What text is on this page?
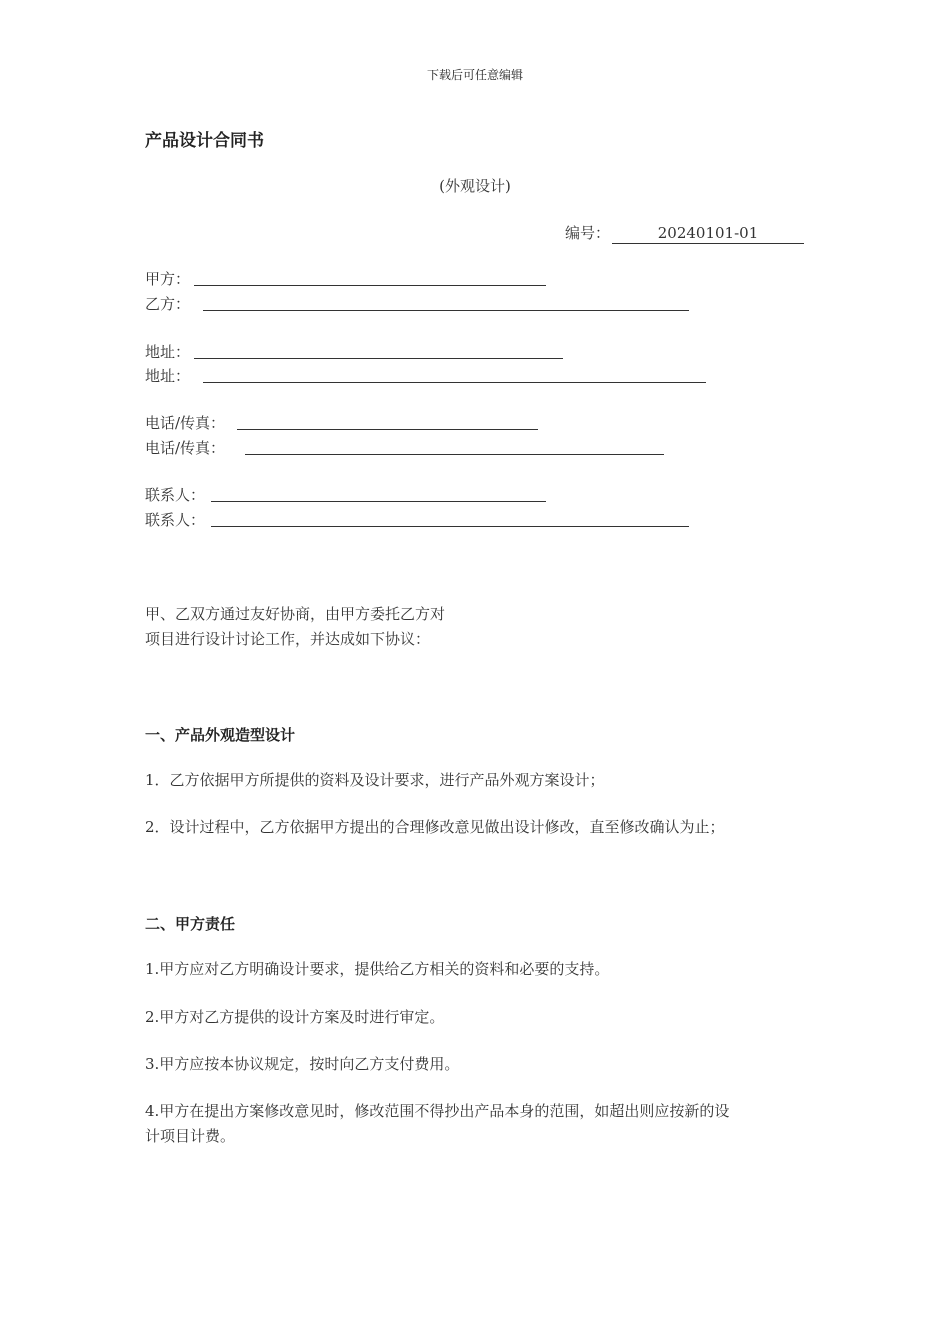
下载后可任意编辑
产品设计合同书
(外观设计)
编号：	20240101-01
甲方：
乙方：
地址：
地址：
电话/传真：
电话/传真：
联系人：
联系人：
甲、乙双方通过友好协商，由甲方委托乙方对
项目进行设计讨论工作，并达成如下协议：
一、产品外观造型设计
1．乙方依据甲方所提供的资料及设计要求，进行产品外观方案设计；
2．设计过程中，乙方依据甲方提出的合理修改意见做出设计修改，直至修改确认为止；
二、甲方责任
1.甲方应对乙方明确设计要求，提供给乙方相关的资料和必要的支持。
2.甲方对乙方提供的设计方案及时进行审定。
3.甲方应按本协议规定，按时向乙方支付费用。
4.甲方在提出方案修改意见时，修改范围不得抄出产品本身的范围，如超出则应按新的设
计项目计费。
